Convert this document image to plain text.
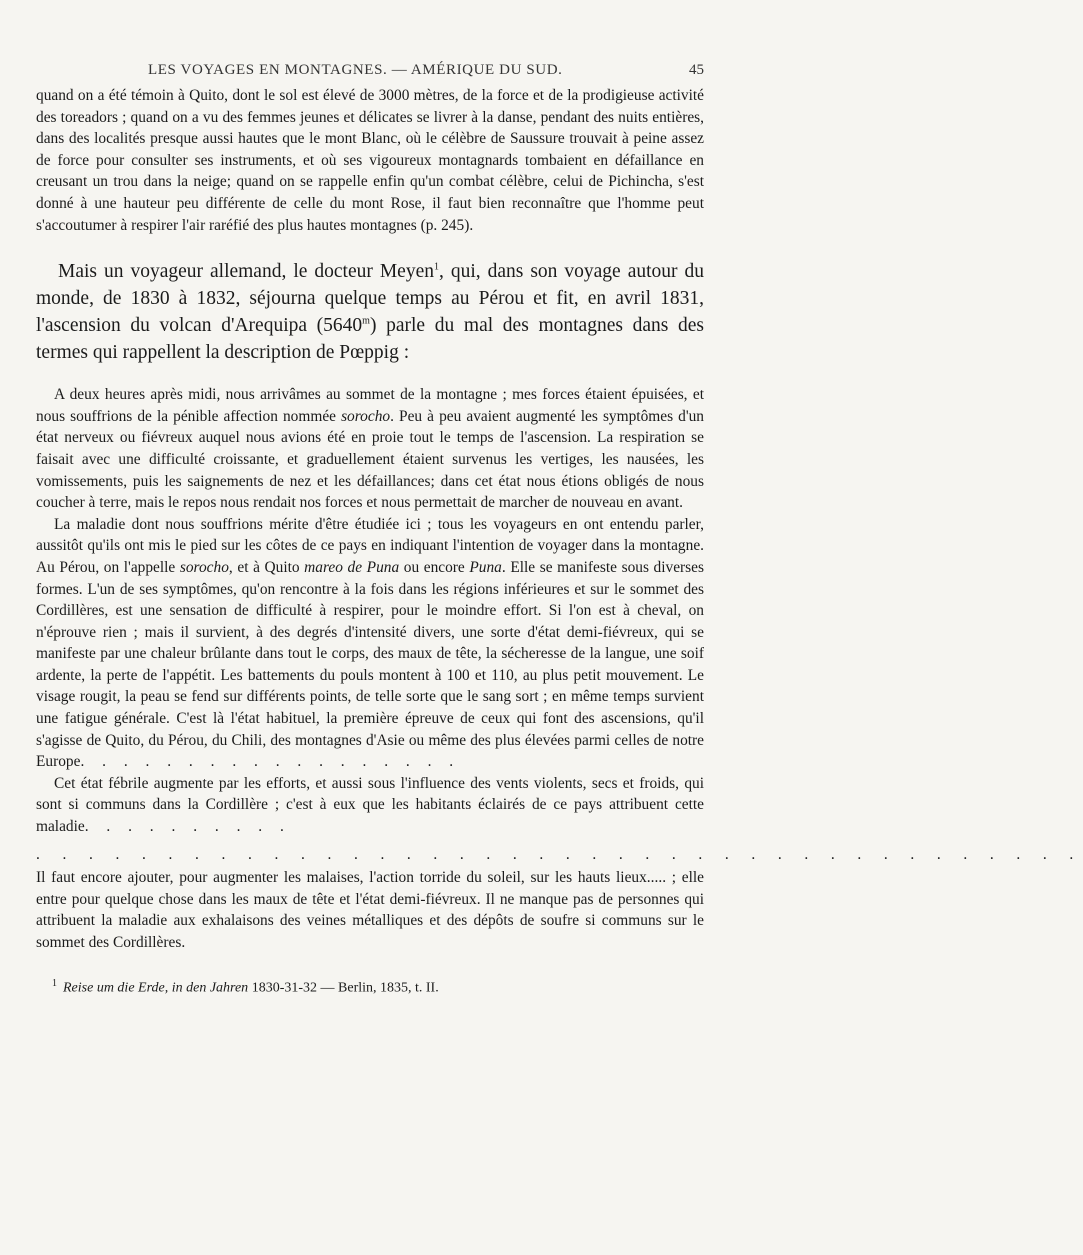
LES VOYAGES EN MONTAGNES. — AMÉRIQUE DU SUD.	45

quand on a été témoin à Quito, dont le sol est élevé de 3000 mètres, de la force et de la prodigieuse activité des toreadors ; quand on a vu des femmes jeunes et délicates se livrer à la danse, pendant des nuits entières, dans des localités presque aussi hautes que le mont Blanc, où le célèbre de Saussure trouvait à peine assez de force pour consulter ses instruments, et où ses vigoureux montagnards tombaient en défaillance en creusant un trou dans la neige; quand on se rappelle enfin qu'un combat célèbre, celui de Pichincha, s'est donné à une hauteur peu différente de celle du mont Rose, il faut bien reconnaître que l'homme peut s'accoutumer à respirer l'air raréfié des plus hautes montagnes (p. 245).

Mais un voyageur allemand, le docteur Meyen$^1$, qui, dans son voyage autour du monde, de 1830 à 1832, séjourna quelque temps au Pérou et fit, en avril 1831, l'ascension du volcan d'Arequipa (5640$^m$) parle du mal des montagnes dans des termes qui rappellent la description de Pœppig :

A deux heures après midi, nous arrivâmes au sommet de la montagne ; mes forces étaient épuisées, et nous souffrions de la pénible affection nommée sorocho. Peu à peu avaient augmenté les symptômes d'un état nerveux ou fiévreux auquel nous avions été en proie tout le temps de l'ascension. La respiration se faisait avec une difficulté croissante, et graduellement étaient survenus les vertiges, les nausées, les vomissements, puis les saignements de nez et les défaillances; dans cet état nous étions obligés de nous coucher à terre, mais le repos nous rendait nos forces et nous permettait de marcher de nouveau en avant.

La maladie dont nous souffrions mérite d'être étudiée ici ; tous les voyageurs en ont entendu parler, aussitôt qu'ils ont mis le pied sur les côtes de ce pays en indiquant l'intention de voyager dans la montagne. Au Pérou, on l'appelle sorocho, et à Quito mareo de Puna ou encore Puna. Elle se manifeste sous diverses formes. L'un de ses symptômes, qu'on rencontre à la fois dans les régions inférieures et sur le sommet des Cordillères, est une sensation de difficulté à respirer, pour le moindre effort. Si l'on est à cheval, on n'éprouve rien ; mais il survient, à des degrés d'intensité divers, une sorte d'état demi-fiévreux, qui se manifeste par une chaleur brûlante dans tout le corps, des maux de tête, la sécheresse de la langue, une soif ardente, la perte de l'appétit. Les battements du pouls montent à 100 et 110, au plus petit mouvement. Le visage rougit, la peau se fend sur différents points, de telle sorte que le sang sort ; en même temps survient une fatigue générale. C'est là l'état habituel, la première épreuve de ceux qui font des ascensions, qu'il s'agisse de Quito, du Pérou, du Chili, des montagnes d'Asie ou même des plus élevées parmi celles de notre Europe. . . . . . . . . . . . . . . . . .

Cet état fébrile augmente par les efforts, et aussi sous l'influence des vents violents, secs et froids, qui sont si communs dans la Cordillère ; c'est à eux que les habitants éclairés de ce pays attribuent cette maladie. . . . . . . . . .

. . . . . . . . . . . . . . . . . . . . . . . . . . . . . . . . . . . . . . . .

Il faut encore ajouter, pour augmenter les malaises, l'action torride du soleil, sur les hauts lieux..... ; elle entre pour quelque chose dans les maux de tête et l'état demi-fiévreux. Il ne manque pas de personnes qui attribuent la maladie aux exhalaisons des veines métalliques et des dépôts de soufre si communs sur le sommet des Cordillères.

$^1$ Reise um die Erde, in den Jahren 1830-31-32 — Berlin, 1835, t. II.
